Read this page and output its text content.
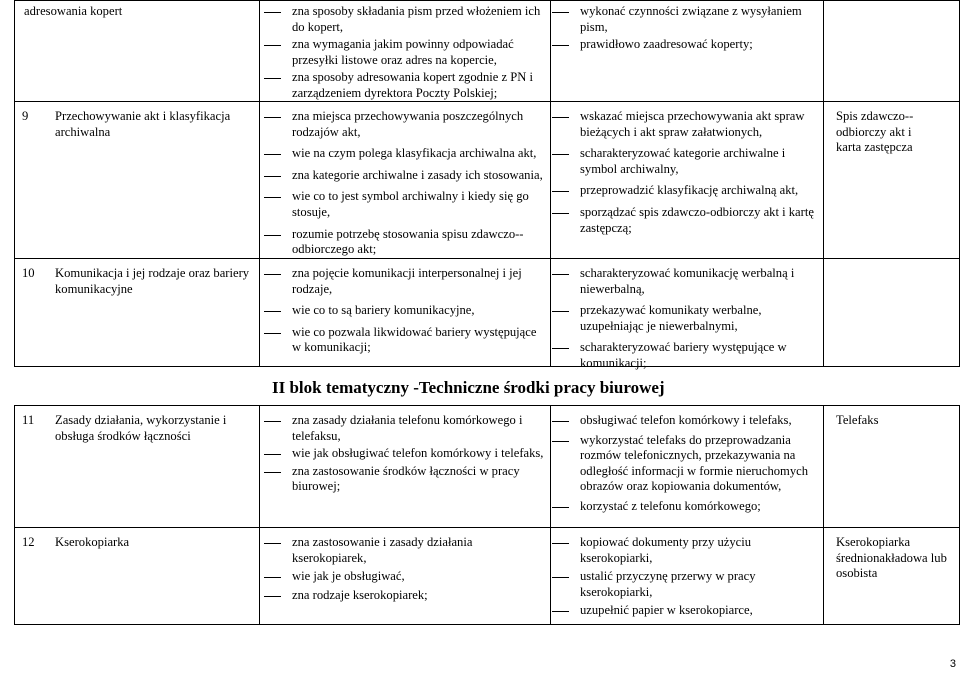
adresowania kopert	zna sposoby składania pism przed włożeniem ich do kopert,
zna wymagania jakim powinny odpowiadać przesyłki listowe oraz adres na kopercie,
zna sposoby adresowania kopert zgodnie z PN i zarządzeniem dyrektora Poczty Polskiej;
wykonać czynności związane z wysyłaniem pism,
prawidłowo zaadresować koperty;
9 Przechowywanie akt i klasyfikacja archiwalna
zna miejsca przechowywania poszczególnych rodzajów akt,
wie na czym polega klasyfikacja archiwalna akt,
zna kategorie archiwalne i zasady ich stosowania,
wie co to jest symbol archiwalny i kiedy się go stosuje,
rozumie potrzebę stosowania spisu zdawczo--odbiorczego akt;
wskazać miejsca przechowywania akt spraw bieżących i akt spraw załatwionych,
scharakteryzować kategorie archiwalne i symbol archiwalny,
przeprowadzić klasyfikację archiwalną akt,
sporządzać spis zdawczo-odbiorczy akt i kartę zastępczą;
Spis zdawczo--odbiorczy akt i karta zastępcza
10 Komunikacja i jej rodzaje oraz bariery komunikacyjne
zna pojęcie komunikacji interpersonalnej i jej rodzaje,
wie co to są bariery komunikacyjne,
wie co pozwala likwidować bariery występujące w komunikacji;
scharakteryzować komunikację werbalną i niewerbalną,
przekazywać komunikaty werbalne, uzupełniając je niewerbalnymi,
scharakteryzować bariery występujące w komunikacji;
II blok tematyczny -Techniczne środki pracy biurowej
11 Zasady działania, wykorzystanie i obsługa środków łączności
zna zasady działania telefonu komórkowego i telefaksu,
wie jak obsługiwać telefon komórkowy i telefaks,
zna zastosowanie środków łączności w pracy biurowej;
obsługiwać telefon komórkowy i telefaks,
wykorzystać telefaks do przeprowadzania rozmów telefonicznych, przekazywania na odległość informacji w formie nieruchomych obrazów oraz kopiowania dokumentów,
korzystać z telefonu komórkowego;
Telefaks
12 Kserokopiarka	zna zastosowanie i zasady działania kserokopiarek,
wie jak je obsługiwać,
zna rodzaje kserokopiarek;
kopiować dokumenty przy użyciu kserokopiarki,
ustalić przyczynę przerwy w pracy kserokopiarki,
uzupełnić papier w kserokopiarce,
Kserokopiarka średnionakładowa lub osobista
3
